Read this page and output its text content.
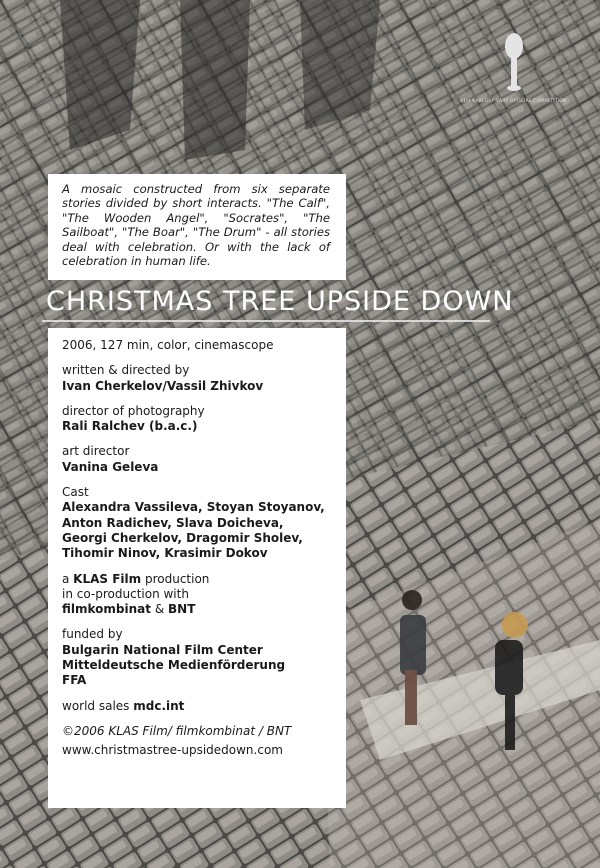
41st KARLOVY VARY OFFICIAL COMPETITION
A mosaic constructed from six separate stories divided by short interacts. "The Calf", "The Wooden Angel", "Socrates", "The Sailboat", "The Boar", "The Drum" - all stories deal with celebration. Or with the lack of celebration in human life.
CHRISTMAS TREE UPSIDE DOWN
2006, 127 min, color, cinemascope
written & directed by
Ivan Cherkelov/Vassil Zhivkov
director of photography
Rali Ralchev (b.a.c.)
art director
Vanina Geleva
Cast
Alexandra Vassileva, Stoyan Stoyanov,
Anton Radichev, Slava Doicheva,
Georgi Cherkelov, Dragomir Sholev,
Tihomir Ninov, Krasimir Dokov
a KLAS Film production
in co-production with
filmkombinat & BNT
funded by
Bulgarin National Film Center
Mitteldeutsche Medienförderung
FFA
world sales mdc.int
©2006 KLAS Film/ filmkombinat / BNT
www.christmastree-upsidedown.com
